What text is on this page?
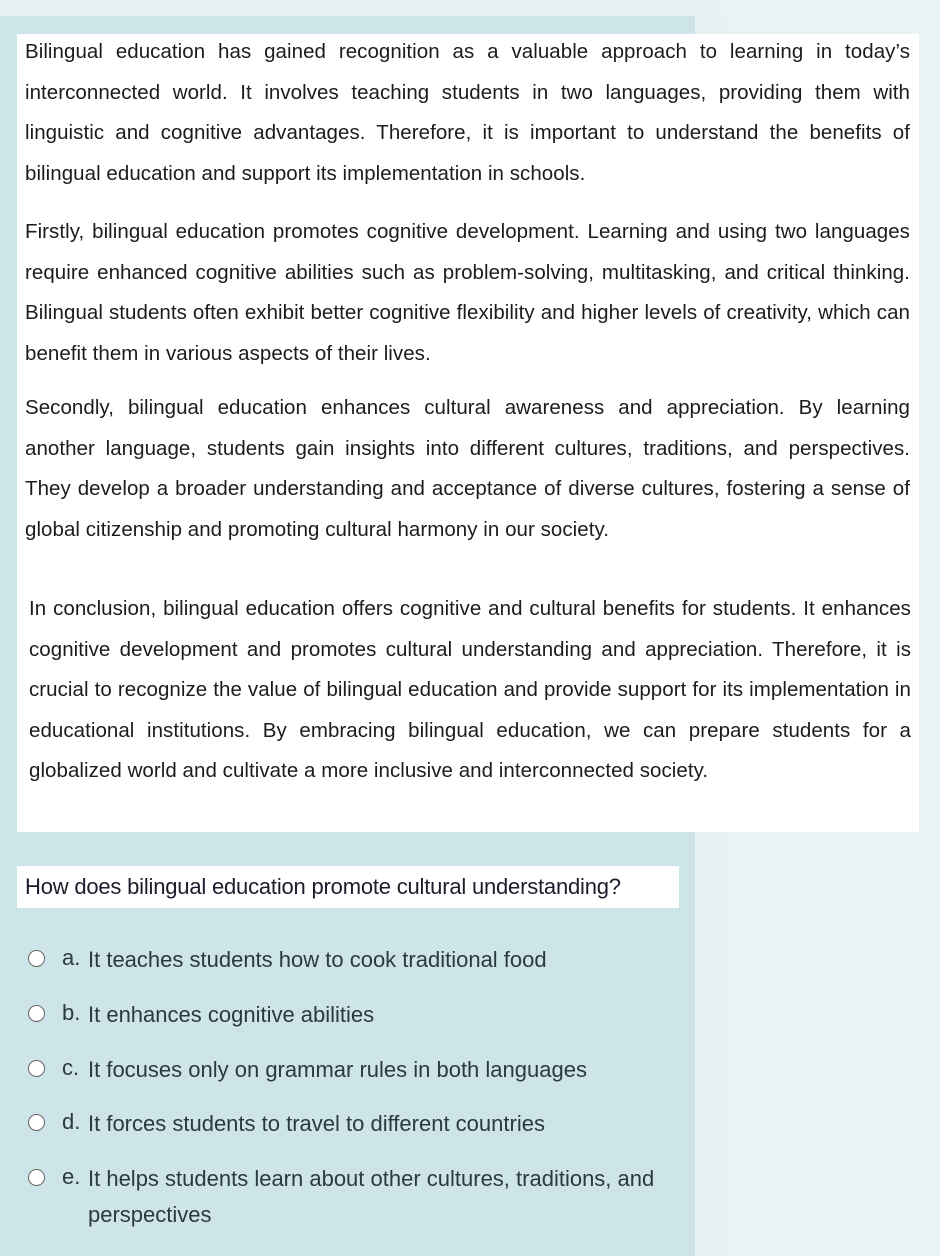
Bilingual education has gained recognition as a valuable approach to learning in today’s interconnected world. It involves teaching students in two languages, providing them with linguistic and cognitive advantages. Therefore, it is important to understand the benefits of bilingual education and support its implementation in schools.

Firstly, bilingual education promotes cognitive development. Learning and using two languages require enhanced cognitive abilities such as problem-solving, multitasking, and critical thinking. Bilingual students often exhibit better cognitive flexibility and higher levels of creativity, which can benefit them in various aspects of their lives.

Secondly, bilingual education enhances cultural awareness and appreciation. By learning another language, students gain insights into different cultures, traditions, and perspectives. They develop a broader understanding and acceptance of diverse cultures, fostering a sense of global citizenship and promoting cultural harmony in our society.

In conclusion, bilingual education offers cognitive and cultural benefits for students. It enhances cognitive development and promotes cultural understanding and appreciation. Therefore, it is crucial to recognize the value of bilingual education and provide support for its implementation in educational institutions. By embracing bilingual education, we can prepare students for a globalized world and cultivate a more inclusive and interconnected society.

How does bilingual education promote cultural understanding?
a. It teaches students how to cook traditional food
b. It enhances cognitive abilities
c. It focuses only on grammar rules in both languages
d. It forces students to travel to different countries
e. It helps students learn about other cultures, traditions, and perspectives
